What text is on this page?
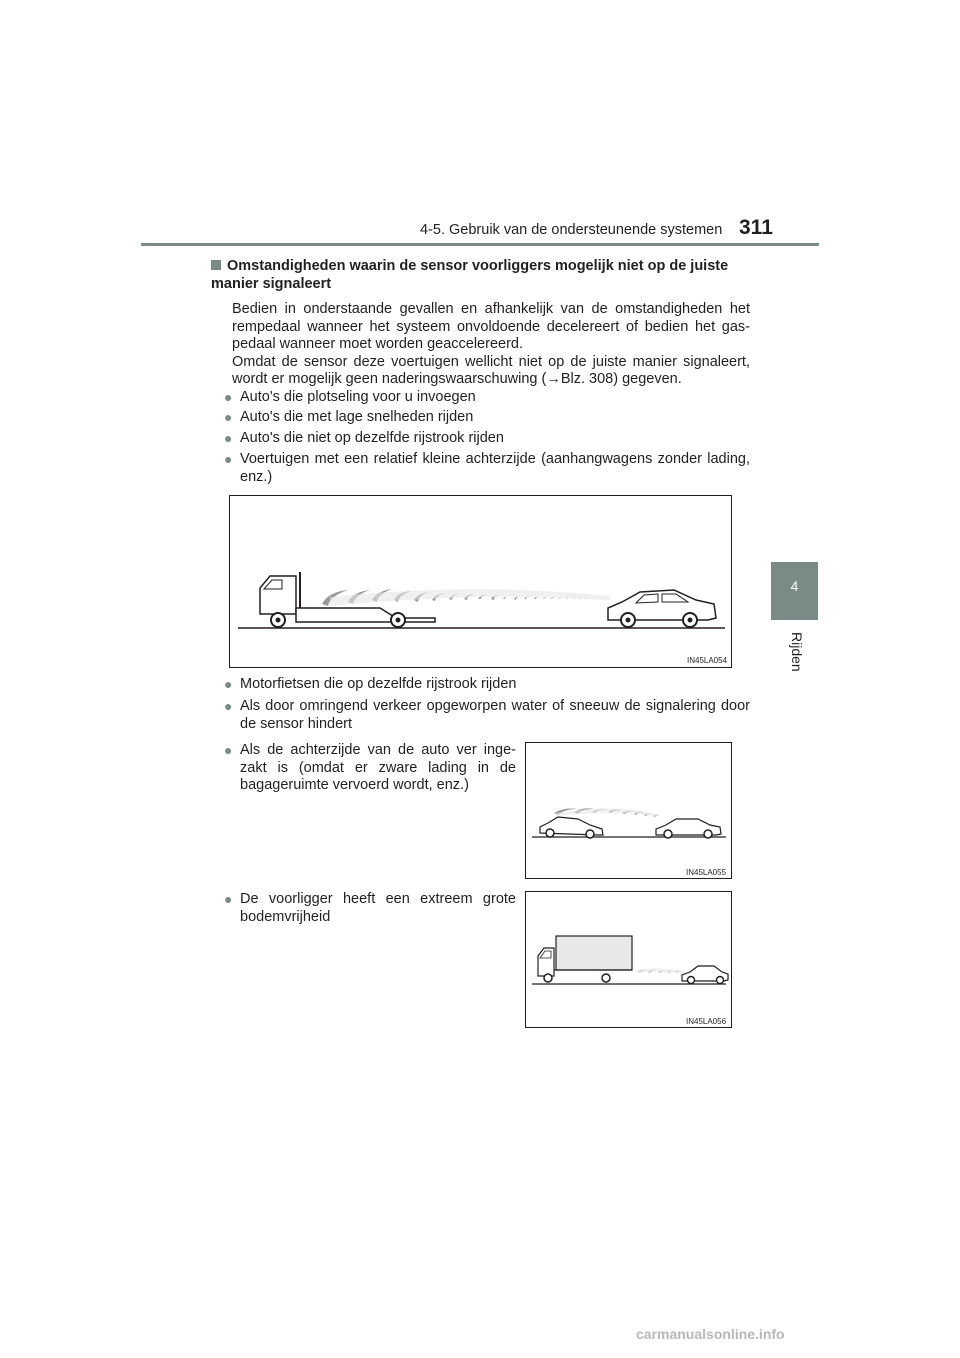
4-5. Gebruik van de ondersteunende systemen 311
4
Rijden
Omstandigheden waarin de sensor voorliggers mogelijk niet op de juiste manier signaleert
Bedien in onderstaande gevallen en afhankelijk van de omstandigheden het rempedaal wanneer het systeem onvoldoende decelereert of bedien het gas-pedaal wanneer moet worden geaccelereerd.
Omdat de sensor deze voertuigen wellicht niet op de juiste manier signaleert, wordt er mogelijk geen naderingswaarschuwing (→Blz. 308) gegeven.
● Auto's die plotseling voor u invoegen
● Auto's die met lage snelheden rijden
● Auto's die niet op dezelfde rijstrook rijden
● Voertuigen met een relatief kleine achterzijde (aanhangwagens zonder lading, enz.)
IN45LA054
● Motorfietsen die op dezelfde rijstrook rijden
● Als door omringend verkeer opgeworpen water of sneeuw de signalering door de sensor hindert
● Als de achterzijde van de auto ver inge-zakt is (omdat er zware lading in de bagageruimte vervoerd wordt, enz.)
IN45LA055
● De voorligger heeft een extreem grote bodemvrijheid
IN45LA056
carmanualsonline.info
